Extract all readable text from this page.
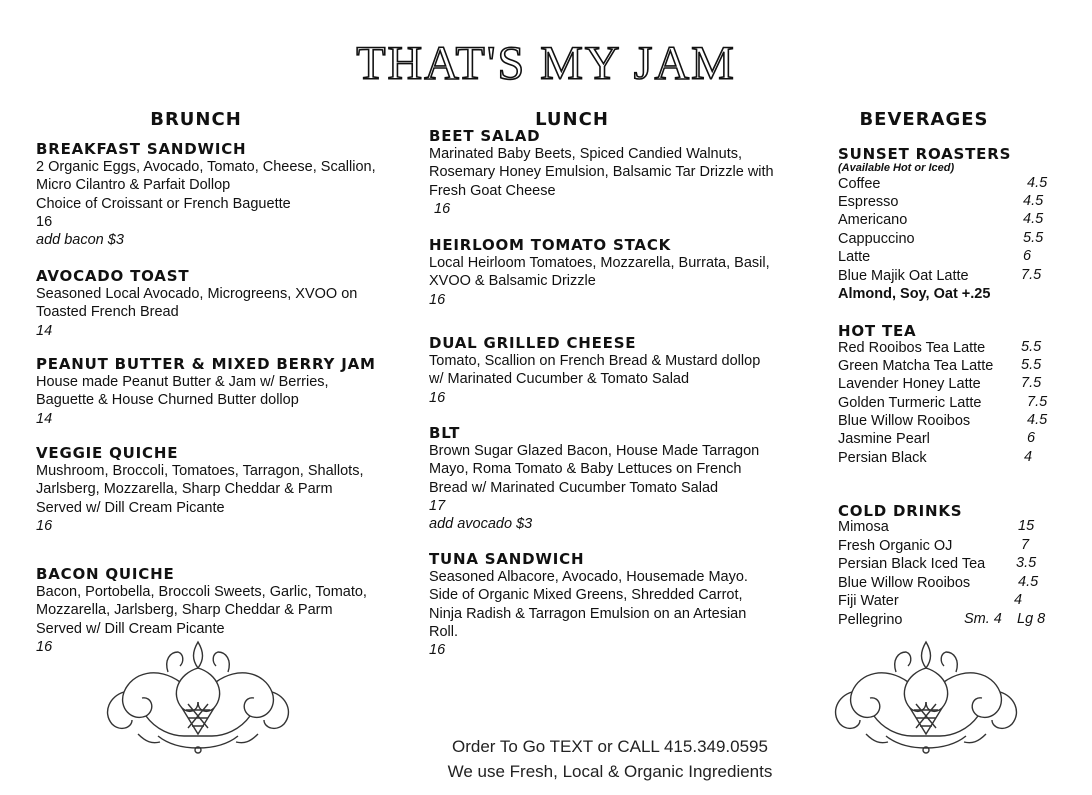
THAT'S MY JAM
BRUNCH
BREAKFAST SANDWICH
2 Organic Eggs, Avocado, Tomato, Cheese, Scallion,
Micro Cilantro & Parfait Dollop
Choice of Croissant or French Baguette
16
add bacon $3
AVOCADO TOAST
Seasoned Local Avocado, Microgreens, XVOO on
Toasted French Bread
14
PEANUT BUTTER & MIXED BERRY JAM
House made Peanut Butter & Jam w/ Berries,
Baguette & House Churned Butter dollop
14
VEGGIE QUICHE
Mushroom, Broccoli, Tomatoes, Tarragon, Shallots,
Jarlsberg, Mozzarella, Sharp Cheddar & Parm
Served w/ Dill Cream Picante
16
BACON QUICHE
Bacon, Portobella, Broccoli Sweets, Garlic, Tomato,
Mozzarella, Jarlsberg, Sharp Cheddar & Parm
Served w/ Dill Cream Picante
16
LUNCH
BEET SALAD
Marinated Baby Beets, Spiced Candied Walnuts,
Rosemary Honey Emulsion, Balsamic Tar Drizzle with
Fresh Goat Cheese
16
HEIRLOOM TOMATO STACK
Local Heirloom Tomatoes, Mozzarella, Burrata, Basil,
XVOO & Balsamic Drizzle
16
DUAL GRILLED CHEESE
Tomato, Scallion on French Bread & Mustard dollop
w/ Marinated Cucumber & Tomato Salad
16
BLT
Brown Sugar Glazed Bacon, House Made Tarragon
Mayo, Roma Tomato & Baby Lettuces on French
Bread w/ Marinated Cucumber Tomato Salad
17
add avocado $3
TUNA SANDWICH
Seasoned Albacore, Avocado, Housemade Mayo.
Side of Organic Mixed Greens, Shredded Carrot,
Ninja Radish & Tarragon Emulsion on an Artesian
Roll.
16
BEVERAGES
SUNSET ROASTERS
(Available Hot or Iced)
Coffee	4.5
Espresso	4.5
Americano	4.5
Cappuccino	5.5
Latte	6
Blue Majik Oat Latte	7.5
Almond, Soy, Oat +.25
HOT TEA
Red Rooibos Tea Latte 5.5
Green Matcha Tea Latte 5.5
Lavender Honey Latte	7.5
Golden Turmeric Latte	7.5
Blue Willow Rooibos	4.5
Jasmine Pearl	6
Persian Black	4
COLD DRINKS
Mimosa	15
Fresh Organic OJ	7
Persian Black Iced Tea 3.5
Blue Willow Rooibos	4.5
Fiji Water	4
Pellegrino	Sm. 4 Lg 8
Order To Go TEXT or CALL 415.349.0595
We use Fresh, Local & Organic Ingredients
